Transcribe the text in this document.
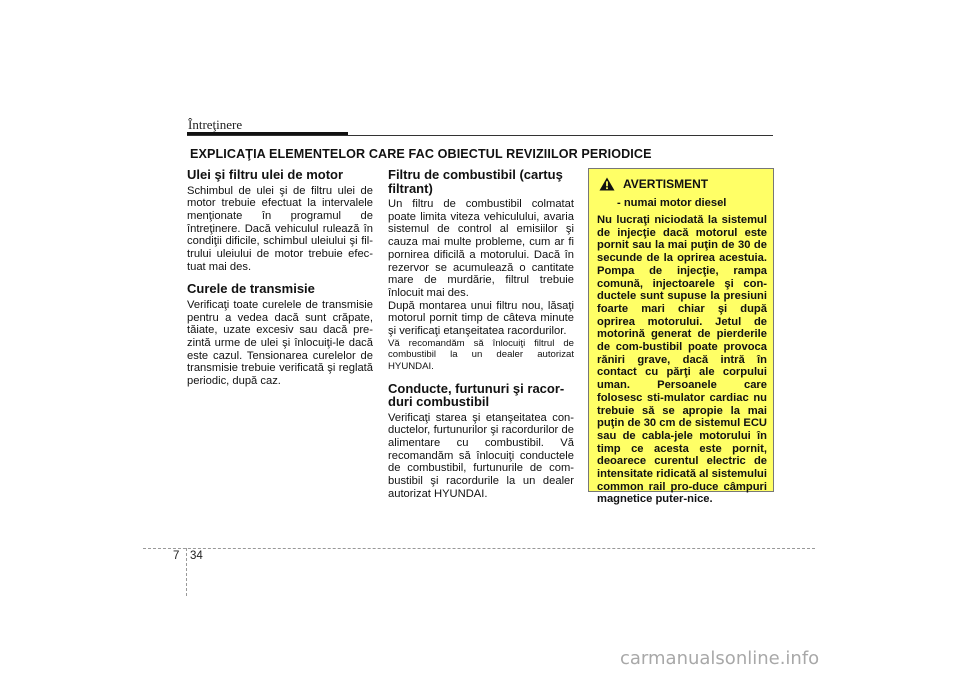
Întreţinere
EXPLICAŢIA ELEMENTELOR CARE FAC OBIECTUL REVIZIILOR PERIODICE
Ulei şi filtru ulei de motor
Schimbul de ulei şi de filtru ulei de motor trebuie efectuat la intervalele menţionate în programul de întreţinere. Dacă vehiculul rulează în condiţii dificile, schimbul uleiului şi fil-trului uleiului de motor trebuie efec-tuat mai des.
Curele de transmisie
Verificaţi toate curelele de transmisie pentru a vedea dacă sunt crăpate, tăiate, uzate excesiv sau dacă pre-zintă urme de ulei şi înlocuiţi-le dacă este cazul. Tensionarea curelelor de transmisie trebuie verificată şi reglată periodic, după caz.
Filtru de combustibil (cartuş filtrant)
Un filtru de combustibil colmatat poate limita viteza vehiculului, avaria sistemul de control al emisiilor şi cauza mai multe probleme, cum ar fi pornirea dificilă a motorului. Dacă în rezervor se acumulează o cantitate mare de murdărie, filtrul trebuie înlocuit mai des.
După montarea unui filtru nou, lăsaţi motorul pornit timp de câteva minute şi verificaţi etanşeitatea racordurilor.
Vă recomandăm să înlocuiţi filtrul de combustibil la un dealer autorizat HYUNDAI.
Conducte, furtunuri şi racor-duri combustibil
Verificaţi starea şi etanşeitatea con-ductelor, furtunurilor şi racordurilor de alimentare cu combustibil. Vă recomandăm să înlocuiţi conductele de combustibil, furtunurile de com-bustibil şi racordurile la un dealer autorizat HYUNDAI.
AVERTISMENT
- numai motor diesel
Nu lucraţi niciodată la sistemul de injecţie dacă motorul este pornit sau la mai puţin de 30 de secunde de la oprirea acestuia. Pompa de injecţie, rampa comună, injectoarele şi con-ductele sunt supuse la presiuni foarte mari chiar şi după oprirea motorului. Jetul de motorină generat de pierderile de com-bustibil poate provoca răniri grave, dacă intră în contact cu părţi ale corpului uman. Persoanele care folosesc sti-mulator cardiac nu trebuie să se apropie la mai puţin de 30 cm de sistemul ECU sau de cabla-jele motorului în timp ce acesta este pornit, deoarece curentul electric de intensitate ridicată al sistemului common rail pro-duce câmpuri magnetice puter-nice.
7 34
carmanualsonline.info
